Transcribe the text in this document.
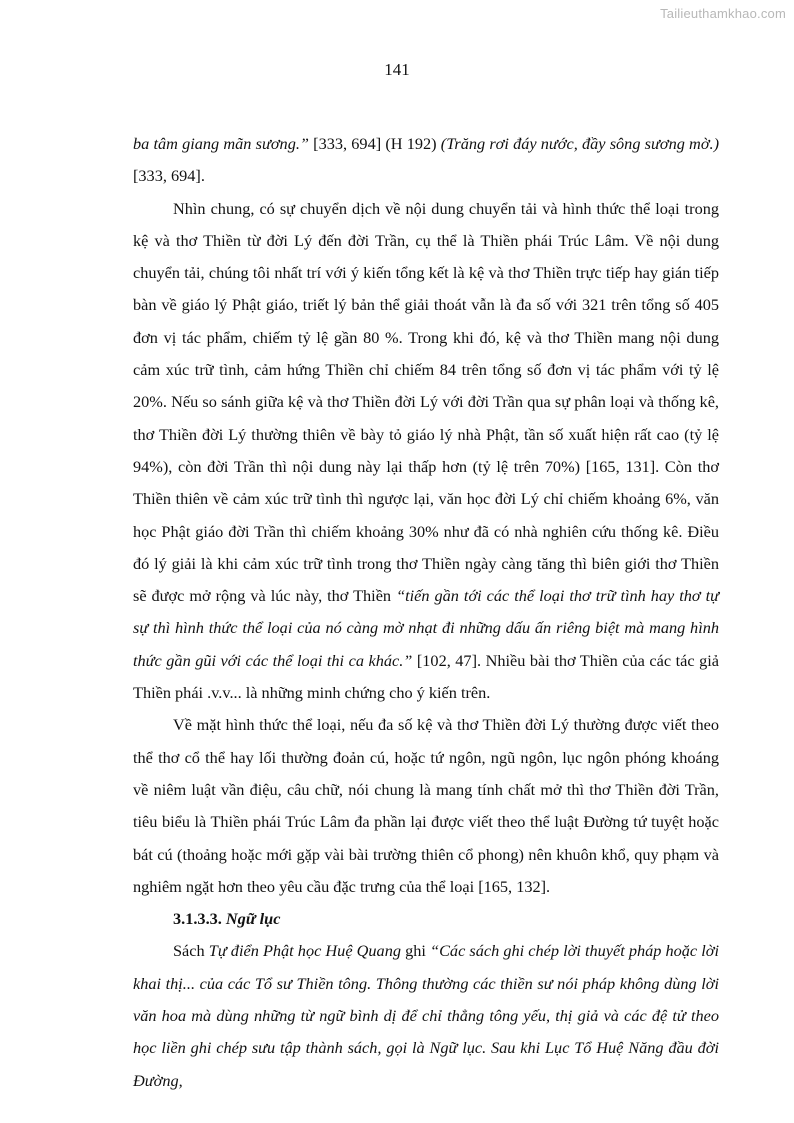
Tailieuthamkhao.com
141

ba tâm giang mãn sương.” [333, 694] (H 192) (Trăng rơi đáy nước, đầy sông sương mờ.) [333, 694].

Nhìn chung, có sự chuyển dịch về nội dung chuyển tải và hình thức thể loại trong kệ và thơ Thiền từ đời Lý đến đời Trần, cụ thể là Thiền phái Trúc Lâm. Về nội dung chuyển tải, chúng tôi nhất trí với ý kiến tổng kết là kệ và thơ Thiền trực tiếp hay gián tiếp bàn về giáo lý Phật giáo, triết lý bản thể giải thoát vẫn là đa số với 321 trên tổng số 405 đơn vị tác phẩm, chiếm tỷ lệ gần 80 %. Trong khi đó, kệ và thơ Thiền mang nội dung cảm xúc trữ tình, cảm hứng Thiền chỉ chiếm 84 trên tổng số đơn vị tác phẩm với tỷ lệ 20%. Nếu so sánh giữa kệ và thơ Thiền đời Lý với đời Trần qua sự phân loại và thống kê, thơ Thiền đời Lý thường thiên về bày tỏ giáo lý nhà Phật, tần số xuất hiện rất cao (tỷ lệ 94%), còn đời Trần thì nội dung này lại thấp hơn (tỷ lệ trên 70%) [165, 131]. Còn thơ Thiền thiên về cảm xúc trữ tình thì ngược lại, văn học đời Lý chỉ chiếm khoảng 6%, văn học Phật giáo đời Trần thì chiếm khoảng 30% như đã có nhà nghiên cứu thống kê. Điều đó lý giải là khi cảm xúc trữ tình trong thơ Thiền ngày càng tăng thì biên giới thơ Thiền sẽ được mở rộng và lúc này, thơ Thiền “tiến gần tới các thể loại thơ trữ tình hay thơ tự sự thì hình thức thể loại của nó càng mờ nhạt đi những dấu ấn riêng biệt mà mang hình thức gần gũi với các thể loại thi ca khác.” [102, 47]. Nhiều bài thơ Thiền của các tác giả Thiền phái .v.v... là những minh chứng cho ý kiến trên.

Về mặt hình thức thể loại, nếu đa số kệ và thơ Thiền đời Lý thường được viết theo thể thơ cổ thể hay lối thường đoản cú, hoặc tứ ngôn, ngũ ngôn, lục ngôn phóng khoáng về niêm luật vần điệu, câu chữ, nói chung là mang tính chất mở thì thơ Thiền đời Trần, tiêu biểu là Thiền phái Trúc Lâm đa phần lại được viết theo thể luật Đường tứ tuyệt hoặc bát cú (thoảng hoặc mới gặp vài bài trường thiên cổ phong) nên khuôn khổ, quy phạm và nghiêm ngặt hơn theo yêu cầu đặc trưng của thể loại [165, 132].

3.1.3.3. Ngữ lục

Sách Tự điển Phật học Huệ Quang ghi “Các sách ghi chép lời thuyết pháp hoặc lời khai thị... của các Tổ sư Thiền tông. Thông thường các thiền sư nói pháp không dùng lời văn hoa mà dùng những từ ngữ bình dị để chỉ thẳng tông yếu, thị giả và các đệ tử theo học liền ghi chép sưu tập thành sách, gọi là Ngữ lục. Sau khi Lục Tổ Huệ Năng đầu đời Đường,
